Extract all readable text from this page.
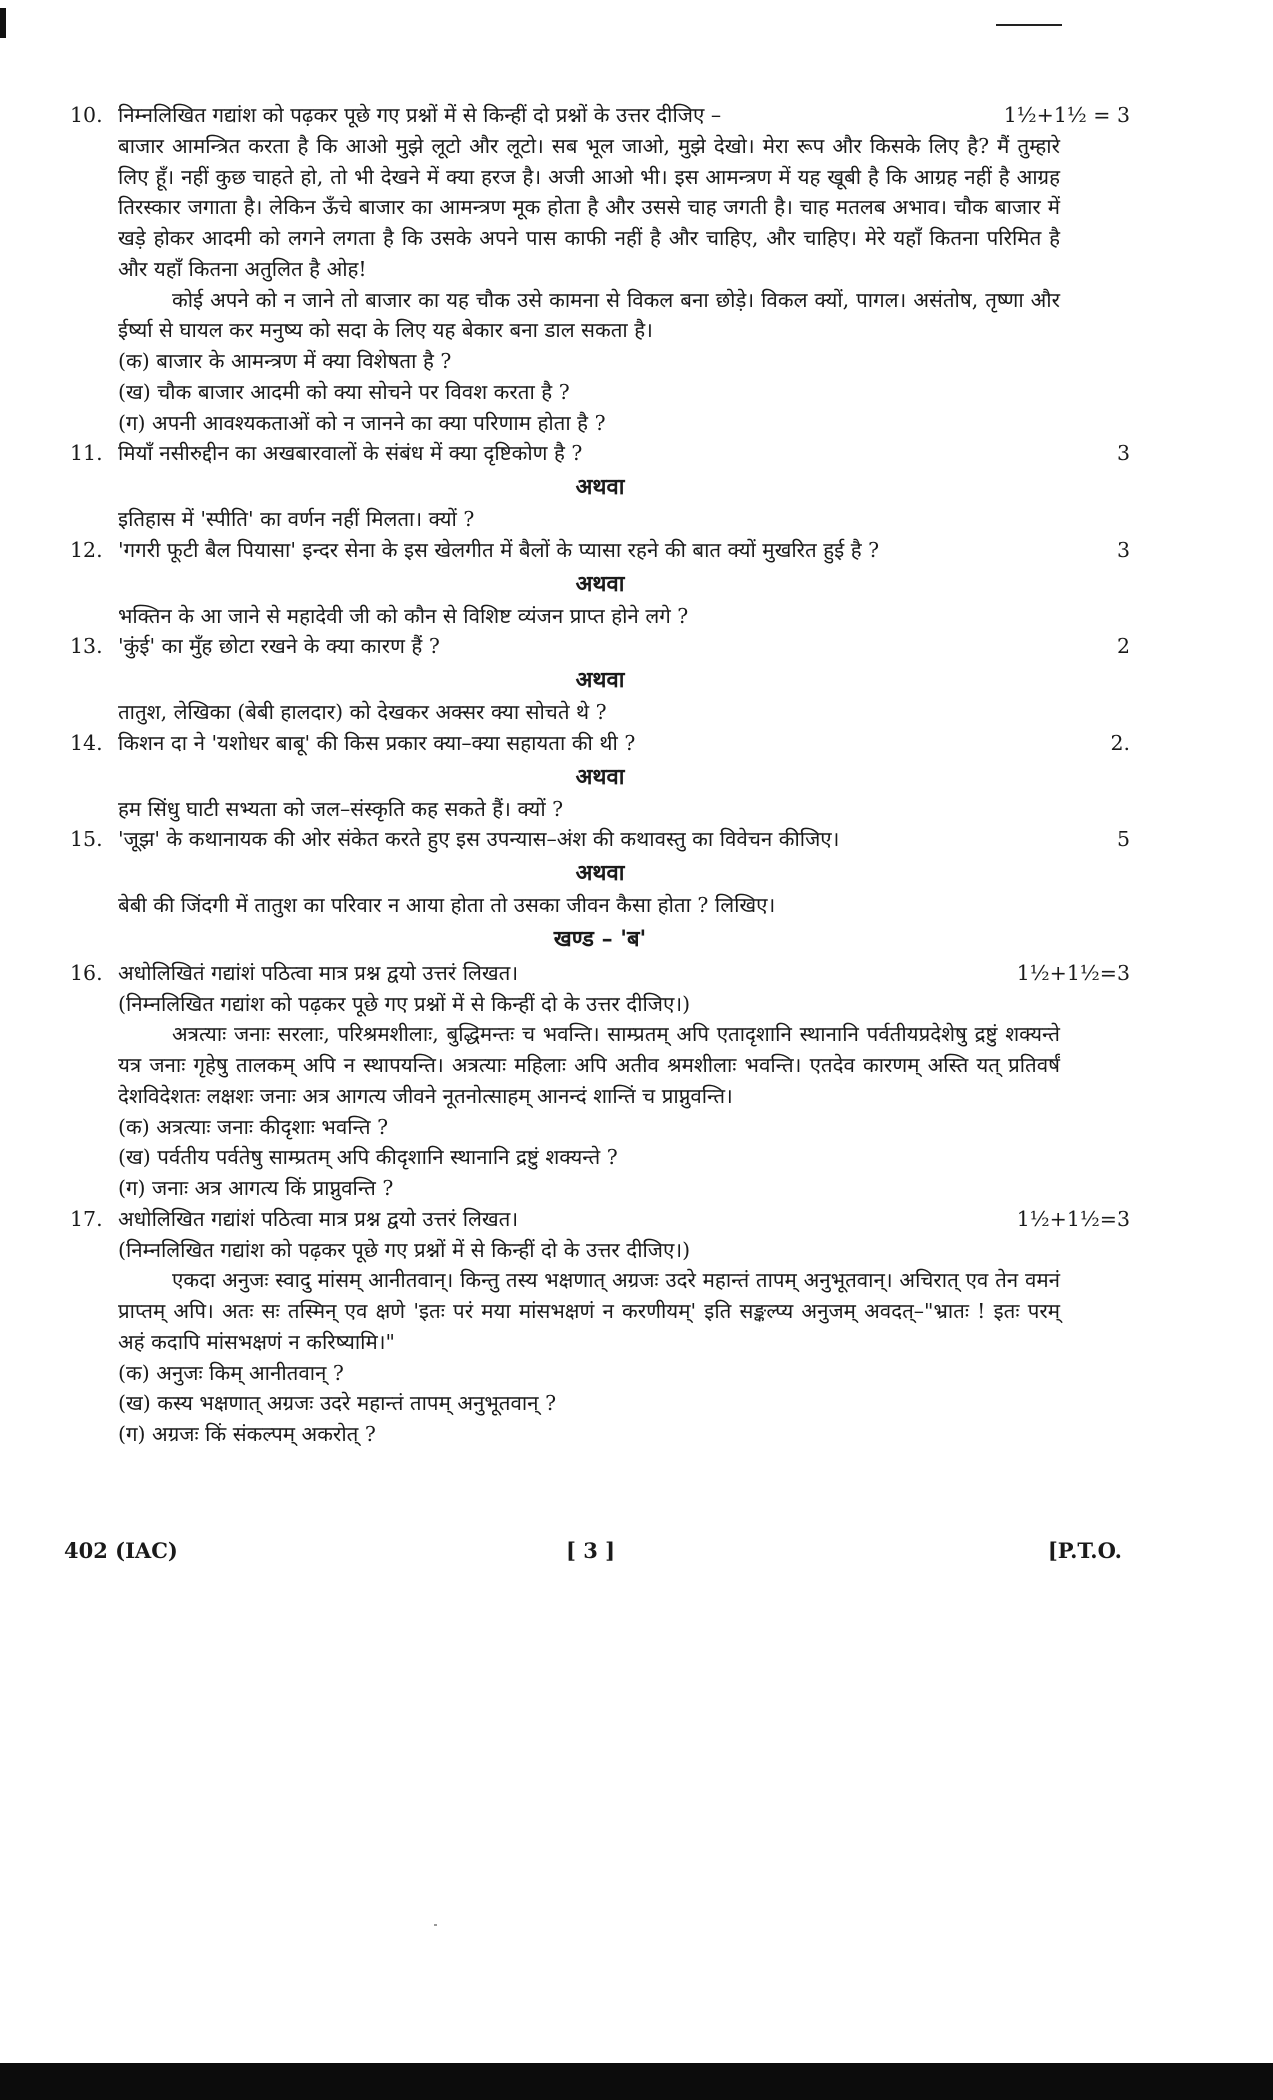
10.	1½+1½ = 3

निम्नलिखित गद्यांश को पढ़कर पूछे गए प्रश्नों में से किन्हीं दो प्रश्नों के उत्तर दीजिए –

बाजार आमन्त्रित करता है कि आओ मुझे लूटो और लूटो। सब भूल जाओ, मुझे देखो। मेरा रूप और किसके लिए है? मैं तुम्हारे लिए हूँ। नहीं कुछ चाहते हो, तो भी देखने में क्या हरज है। अजी आओ भी। इस आमन्त्रण में यह खूबी है कि आग्रह नहीं है आग्रह तिरस्कार जगाता है। लेकिन ऊँचे बाजार का आमन्त्रण मूक होता है और उससे चाह जगती है। चाह मतलब अभाव। चौक बाजार में खड़े होकर आदमी को लगने लगता है कि उसके अपने पास काफी नहीं है और चाहिए, और चाहिए। मेरे यहाँ कितना परिमित है और यहाँ कितना अतुलित है ओह!

कोई अपने को न जाने तो बाजार का यह चौक उसे कामना से विकल बना छोड़े। विकल क्यों, पागल। असंतोष, तृष्णा और ईर्ष्या से घायल कर मनुष्य को सदा के लिए यह बेकार बना डाल सकता है।

(क) बाजार के आमन्त्रण में क्या विशेषता है ?

(ख) चौक बाजार आदमी को क्या सोचने पर विवश करता है ?

(ग) अपनी आवश्यकताओं को न जानने का क्या परिणाम होता है ?

11.	3

मियाँ नसीरुद्दीन का अखबारवालों के संबंध में क्या दृष्टिकोण है ?

अथवा

इतिहास में 'स्पीति' का वर्णन नहीं मिलता। क्यों ?

12.	3

'गगरी फूटी बैल पियासा' इन्दर सेना के इस खेलगीत में बैलों के प्यासा रहने की बात क्यों मुखरित हुई है ?

अथवा

भक्तिन के आ जाने से महादेवी जी को कौन से विशिष्ट व्यंजन प्राप्त होने लगे ?

13.	2

'कुंई' का मुँह छोटा रखने के क्या कारण हैं ?

अथवा

तातुश, लेखिका (बेबी हालदार) को देखकर अक्सर क्या सोचते थे ?

14.	2.

किशन दा ने 'यशोधर बाबू' की किस प्रकार क्या–क्या सहायता की थी ?

अथवा

हम सिंधु घाटी सभ्यता को जल–संस्कृति कह सकते हैं। क्यों ?

15.	5

'जूझ' के कथानायक की ओर संकेत करते हुए इस उपन्यास–अंश की कथावस्तु का विवेचन कीजिए।

अथवा

बेबी की जिंदगी में तातुश का परिवार न आया होता तो उसका जीवन कैसा होता ? लिखिए।

खण्ड – 'ब'

16.	1½+1½=3

अधोलिखितं गद्यांशं पठित्वा मात्र प्रश्न द्वयो उत्तरं लिखत।

(निम्नलिखित गद्यांश को पढ़कर पूछे गए प्रश्नों में से किन्हीं दो के उत्तर दीजिए।)

अत्रत्याः जनाः सरलाः, परिश्रमशीलाः, बुद्धिमन्तः च भवन्ति। साम्प्रतम् अपि एतादृशानि स्थानानि पर्वतीयप्रदेशेषु द्रष्टुं शक्यन्ते यत्र जनाः गृहेषु तालकम् अपि न स्थापयन्ति। अत्रत्याः महिलाः अपि अतीव श्रमशीलाः भवन्ति। एतदेव कारणम् अस्ति यत् प्रतिवर्षं देशविदेशतः लक्षशः जनाः अत्र आगत्य जीवने नूतनोत्साहम् आनन्दं शान्तिं च प्राप्नुवन्ति।

(क) अत्रत्याः जनाः कीदृशाः भवन्ति ?

(ख) पर्वतीय पर्वतेषु साम्प्रतम् अपि कीदृशानि स्थानानि द्रष्टुं शक्यन्ते ?

(ग) जनाः अत्र आगत्य किं प्राप्नुवन्ति ?

17.	1½+1½=3

अधोलिखित गद्यांशं पठित्वा मात्र प्रश्न द्वयो उत्तरं लिखत।

(निम्नलिखित गद्यांश को पढ़कर पूछे गए प्रश्नों में से किन्हीं दो के उत्तर दीजिए।)

एकदा अनुजः स्वादु मांसम् आनीतवान्। किन्तु तस्य भक्षणात् अग्रजः उदरे महान्तं तापम् अनुभूतवान्। अचिरात् एव तेन वमनं प्राप्तम् अपि। अतः सः तस्मिन् एव क्षणे 'इतः परं मया मांसभक्षणं न करणीयम्' इति सङ्कल्प्य अनुजम् अवदत्–"भ्रातः ! इतः परम् अहं कदापि मांसभक्षणं न करिष्यामि।"

(क) अनुजः किम् आनीतवान् ?

(ख) कस्य भक्षणात् अग्रजः उदरे महान्तं तापम् अनुभूतवान् ?

(ग) अग्रजः किं संकल्पम् अकरोत् ?

402 (IAC)	[ 3 ]	[P.T.O.
